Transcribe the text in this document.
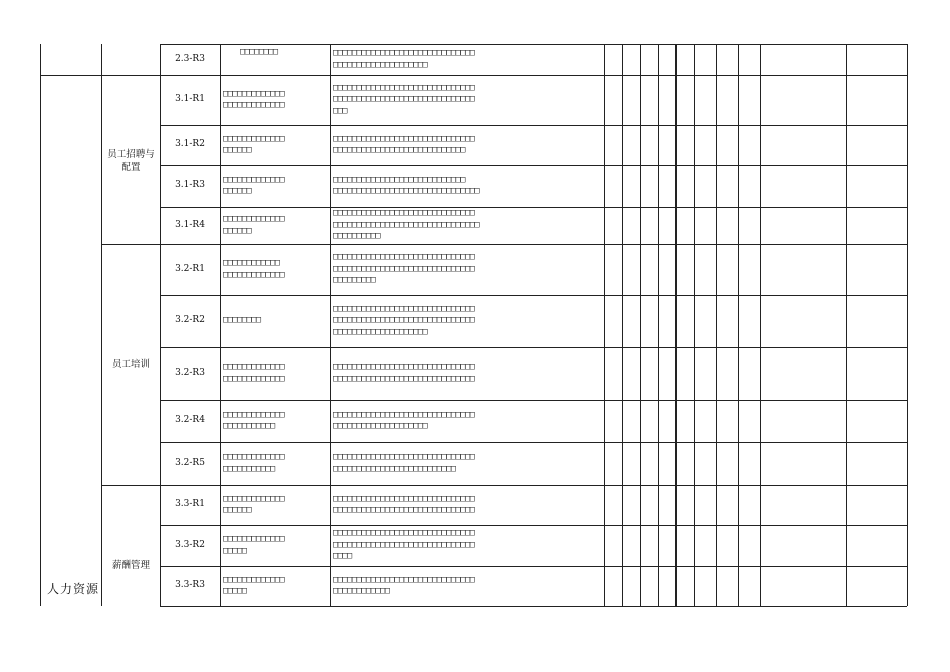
2.3-R3
□□□□□□□□	□□□□□□□□□□□□□□□□□□□□□□□□□□□□□□
□□□□□□□□□□□□□□□□□□□□
3.1-R1
□□□□□□□□□□□□□
□□□□□□□□□□□□□
□□□□□□□□□□□□□□□□□□□□□□□□□□□□□□
□□□□□□□□□□□□□□□□□□□□□□□□□□□□□□
□□□
3.1-R2
□□□□□□□□□□□□□
□□□□□□
□□□□□□□□□□□□□□□□□□□□□□□□□□□□□□
□□□□□□□□□□□□□□□□□□□□□□□□□□□□
3.1-R3
□□□□□□□□□□□□□
□□□□□□
□□□□□□□□□□□□□□□□□□□□□□□□□□□□
□□□□□□□□□□□□□□□□□□□□□□□□□□□□□□□
3.1-R4
□□□□□□□□□□□□□
□□□□□□
□□□□□□□□□□□□□□□□□□□□□□□□□□□□□□
□□□□□□□□□□□□□□□□□□□□□□□□□□□□□□□
□□□□□□□□□□
3.2-R1
□□□□□□□□□□□□
□□□□□□□□□□□□□
□□□□□□□□□□□□□□□□□□□□□□□□□□□□□□
□□□□□□□□□□□□□□□□□□□□□□□□□□□□□□
□□□□□□□□□
3.2-R2	□□□□□□□□
□□□□□□□□□□□□□□□□□□□□□□□□□□□□□□
□□□□□□□□□□□□□□□□□□□□□□□□□□□□□□
□□□□□□□□□□□□□□□□□□□□
3.2-R3
□□□□□□□□□□□□□
□□□□□□□□□□□□□
□□□□□□□□□□□□□□□□□□□□□□□□□□□□□□
□□□□□□□□□□□□□□□□□□□□□□□□□□□□□□
3.2-R4
□□□□□□□□□□□□□
□□□□□□□□□□□
□□□□□□□□□□□□□□□□□□□□□□□□□□□□□□
□□□□□□□□□□□□□□□□□□□□
3.2-R5
□□□□□□□□□□□□□
□□□□□□□□□□□
□□□□□□□□□□□□□□□□□□□□□□□□□□□□□□
□□□□□□□□□□□□□□□□□□□□□□□□□□
3.3-R1
□□□□□□□□□□□□□
□□□□□□
□□□□□□□□□□□□□□□□□□□□□□□□□□□□□□
□□□□□□□□□□□□□□□□□□□□□□□□□□□□□□
3.3-R2
□□□□□□□□□□□□□
□□□□□
□□□□□□□□□□□□□□□□□□□□□□□□□□□□□□
□□□□□□□□□□□□□□□□□□□□□□□□□□□□□□
□□□□
3.3-R3
□□□□□□□□□□□□□
□□□□□
□□□□□□□□□□□□□□□□□□□□□□□□□□□□□□
□□□□□□□□□□□□
员工招聘与
配置
员工培训
薪酬管理
人力资源
